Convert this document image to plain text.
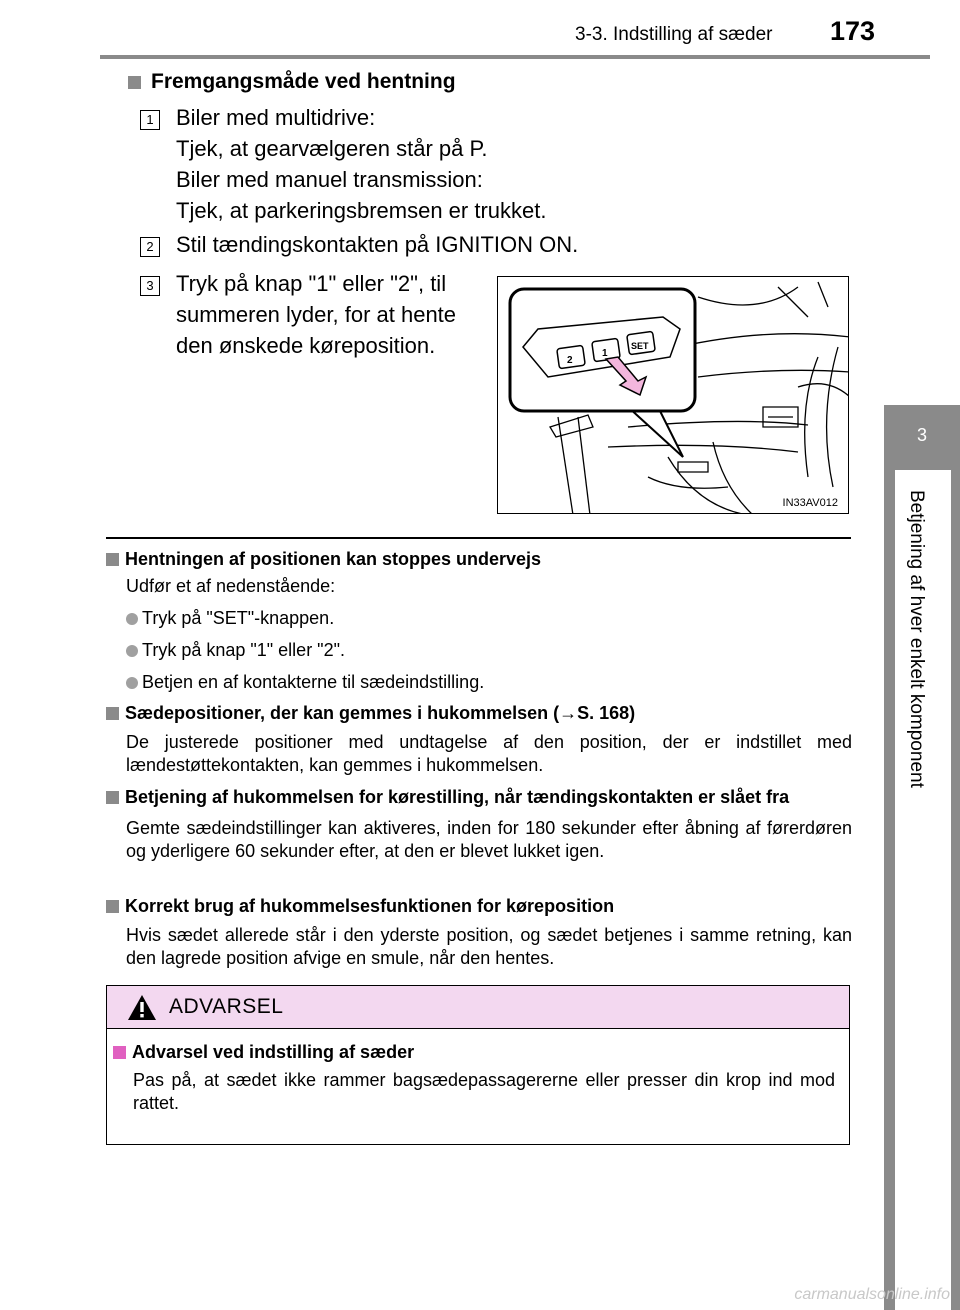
3-3. Indstilling af sæder 173
3
Betjening af hver enkelt komponent
Fremgangsmåde ved hentning
1 Biler med multidrive:
Tjek, at gearvælgeren står på P.
Biler med manuel transmission:
Tjek, at parkeringsbremsen er trukket.
2 Stil tændingskontakten på IGNITION ON.
3 Tryk på knap "1" eller "2", til
summeren lyder, for at hente
den ønskede køreposition.
2
1
SET
IN33AV012
Hentningen af positionen kan stoppes undervejs
Udfør et af nedenstående:
Tryk på "SET"-knappen.
Tryk på knap "1" eller "2".
Betjen en af kontakterne til sædeindstilling.
Sædepositioner, der kan gemmes i hukommelsen (→S. 168)
De justerede positioner med undtagelse af den position, der er indstillet med lændestøttekontakten, kan gemmes i hukommelsen.
Betjening af hukommelsen for kørestilling, når tændingskontakten er slået fra
Gemte sædeindstillinger kan aktiveres, inden for 180 sekunder efter åbning af førerdøren og yderligere 60 sekunder efter, at den er blevet lukket igen.
Korrekt brug af hukommelsesfunktionen for køreposition
Hvis sædet allerede står i den yderste position, og sædet betjenes i samme retning, kan den lagrede position afvige en smule, når den hentes.
ADVARSEL
Advarsel ved indstilling af sæder
Pas på, at sædet ikke rammer bagsædepassagererne eller presser din krop ind mod rattet.
carmanualsonline.info
